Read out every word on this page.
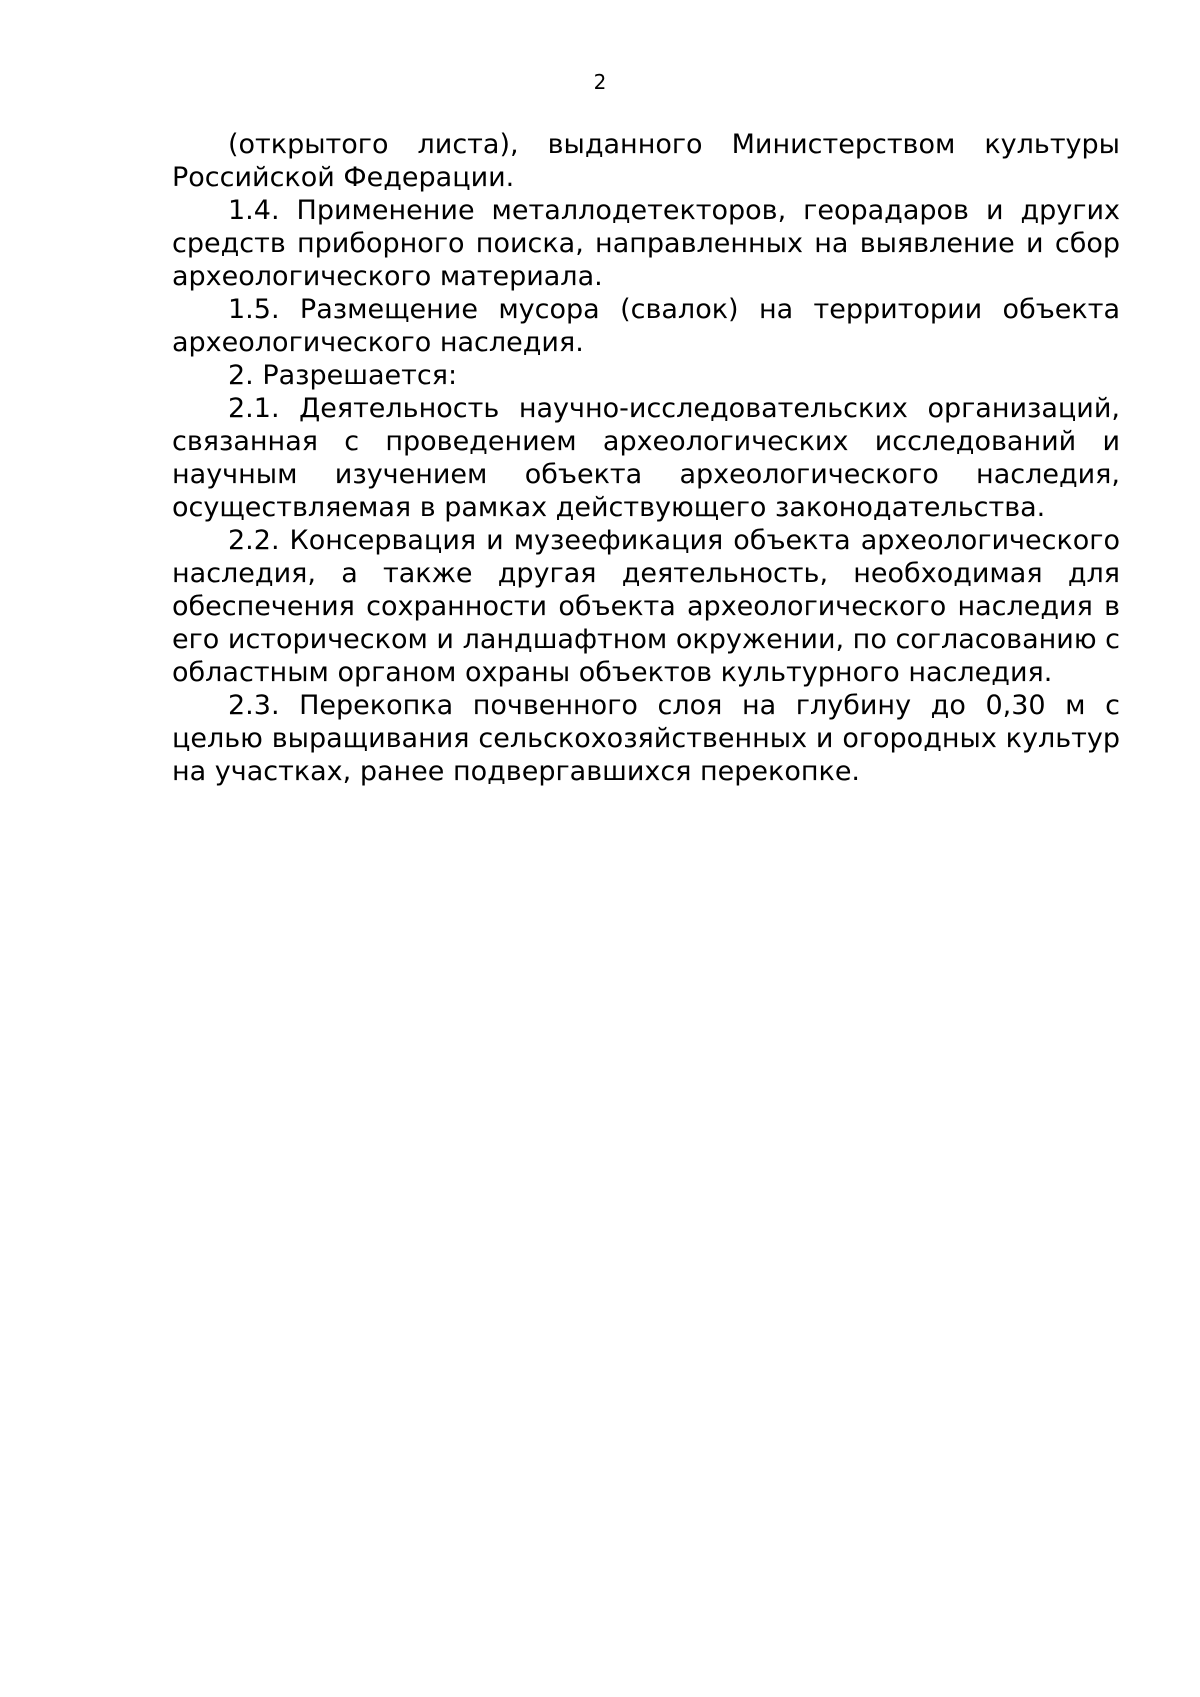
2

(открытого листа), выданного Министерством культуры Российской Федерации.

1.4. Применение металлодетекторов, георадаров и других средств приборного поиска, направленных на выявление и сбор археологического материала.

1.5. Размещение мусора (свалок) на территории объекта археологического наследия.

2. Разрешается:

2.1. Деятельность научно-исследовательских организаций, связанная с проведением археологических исследований и научным изучением объекта археологического наследия, осуществляемая в рамках действующего законодательства.

2.2. Консервация и музеефикация объекта археологического наследия, а также другая деятельность, необходимая для обеспечения сохранности объекта археологического наследия в его историческом и ландшафтном окружении, по согласованию с областным органом охраны объектов культурного наследия.

2.3. Перекопка почвенного слоя на глубину до 0,30 м с целью выращивания сельскохозяйственных и огородных культур на участках, ранее подвергавшихся перекопке.
